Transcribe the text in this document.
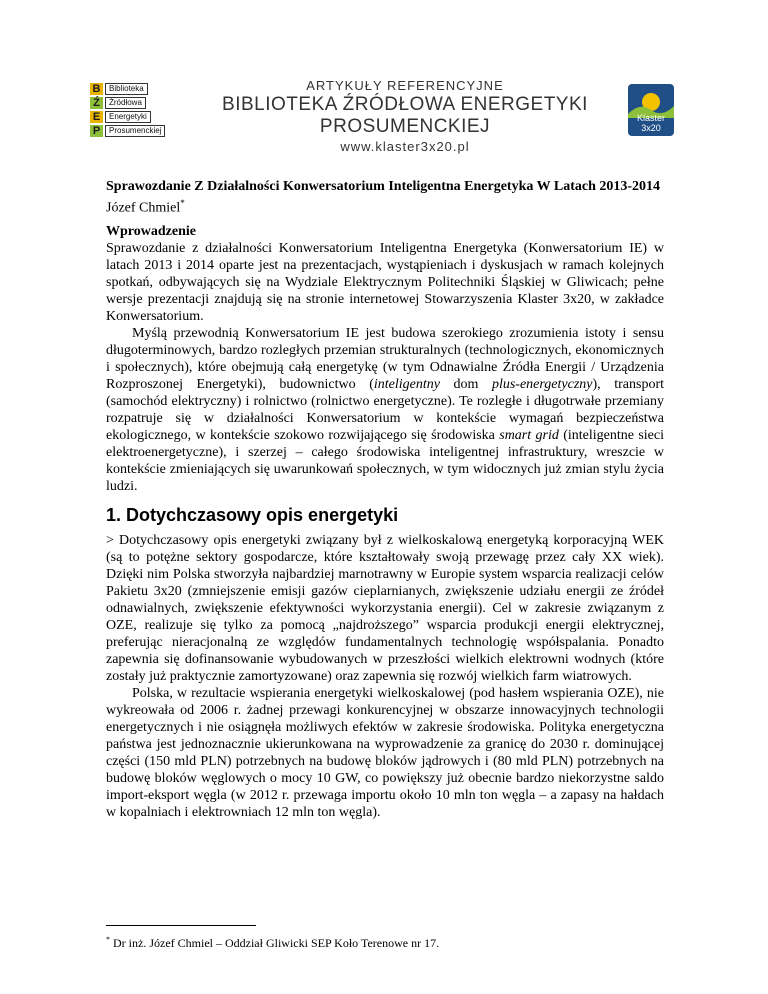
B	Biblioteka
Ź	Źródłowa
E	Energetyki
P	Prosumenckiej
ARTYKUŁY REFERENCYJNE
BIBLIOTEKA ŹRÓDŁOWA ENERGETYKI PROSUMENCKIEJ
www.klaster3x20.pl
Klaster
3x20
Sprawozdanie Z Działalności Konwersatorium Inteligentna Energetyka W Latach 2013-2014
Józef Chmiel*
Wprowadzenie

Sprawozdanie z działalności Konwersatorium Inteligentna Energetyka (Konwersatorium IE) w latach 2013 i 2014 oparte jest na prezentacjach, wystąpieniach i dyskusjach w ramach kolejnych spotkań, odbywających się na Wydziale Elektrycznym Politechniki Śląskiej w Gliwicach; pełne wersje prezentacji znajdują się na stronie internetowej Stowarzyszenia Klaster 3x20, w zakładce Konwersatorium.

Myślą przewodnią Konwersatorium IE jest budowa szerokiego zrozumienia istoty i sensu długoterminowych, bardzo rozległych przemian strukturalnych (technologicznych, ekonomicznych i społecznych), które obejmują całą energetykę (w tym Odnawialne Źródła Energii / Urządzenia Rozproszonej Energetyki), budownictwo (inteligentny dom plus-energetyczny), transport (samochód elektryczny) i rolnictwo (rolnictwo energetyczne). Te rozległe i długotrwałe przemiany rozpatruje się w działalności Konwersatorium w kontekście wymagań bezpieczeństwa ekologicznego, w kontekście szokowo rozwijającego się środowiska smart grid (inteligentne sieci elektroenergetyczne), i szerzej – całego środowiska inteligentnej infrastruktury, wreszcie w kontekście zmieniających się uwarunkowań społecznych, w tym widocznych już zmian stylu życia ludzi.

1. Dotychczasowy opis energetyki

> Dotychczasowy opis energetyki związany był z wielkoskalową energetyką korporacyjną WEK (są to potężne sektory gospodarcze, które kształtowały swoją przewagę przez cały XX wiek). Dzięki nim Polska stworzyła najbardziej marnotrawny w Europie system wsparcia realizacji celów Pakietu 3x20 (zmniejszenie emisji gazów cieplarnianych, zwiększenie udziału energii ze źródeł odnawialnych, zwiększenie efektywności wykorzystania energii). Cel w zakresie związanym z OZE, realizuje się tylko za pomocą „najdroższego” wsparcia produkcji energii elektrycznej, preferując nieracjonalną ze względów fundamentalnych technologię współspalania. Ponadto zapewnia się dofinansowanie wybudowanych w przeszłości wielkich elektrowni wodnych (które zostały już praktycznie zamortyzowane) oraz zapewnia się rozwój wielkich farm wiatrowych.

Polska, w rezultacie wspierania energetyki wielkoskalowej (pod hasłem wspierania OZE), nie wykreowała od 2006 r. żadnej przewagi konkurencyjnej w obszarze innowacyjnych technologii energetycznych i nie osiągnęła możliwych efektów w zakresie środowiska. Polityka energetyczna państwa jest jednoznacznie ukierunkowana na wyprowadzenie za granicę do 2030 r. dominującej części (150 mld PLN) potrzebnych na budowę bloków jądrowych i (80 mld PLN) potrzebnych na budowę bloków węglowych o mocy 10 GW, co powiększy już obecnie bardzo niekorzystne saldo import-eksport węgla (w 2012 r. przewaga importu około 10 mln ton węgla – a zapasy na hałdach w kopalniach i elektrowniach 12 mln ton węgla).

* Dr inż. Józef Chmiel – Oddział Gliwicki SEP Koło Terenowe nr 17.
